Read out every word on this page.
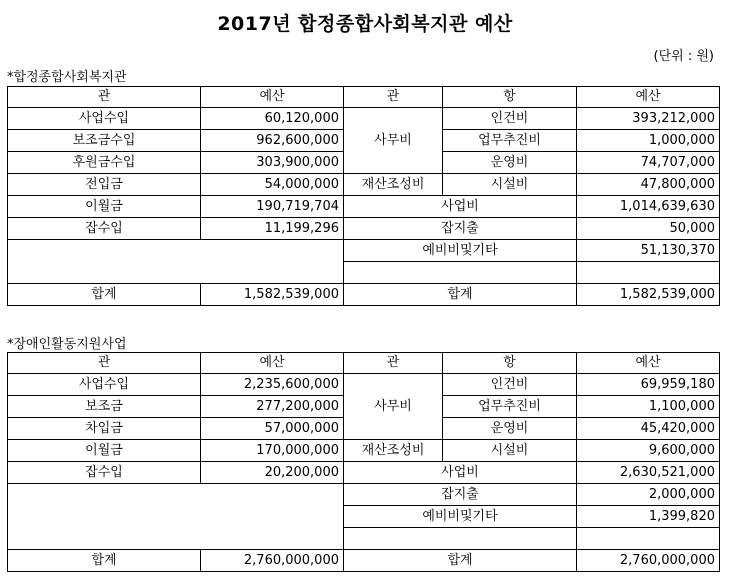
2017년 합정종합사회복지관 예산
(단위 : 원)
*합정종합사회복지관
관	예산	관	항	예산
사업수입	60,120,000	사무비	인건비	393,212,000
보조금수입	962,600,000		업무추진비	1,000,000
후원금수입	303,900,000		운영비	74,707,000
전입금	54,000,000	재산조성비	시설비	47,800,000
이월금	190,719,704	사업비		1,014,639,630
잡수입	11,199,296	잡지출		50,000
		예비비및기타		51,130,370

합계	1,582,539,000	합계		1,582,539,000
*장애인활동지원사업
관	예산	관	항	예산
사업수입	2,235,600,000	사무비	인건비	69,959,180
보조금	277,200,000		업무추진비	1,100,000
차입금	57,000,000		운영비	45,420,000
이월금	170,000,000	재산조성비	시설비	9,600,000
잡수입	20,200,000	사업비		2,630,521,000
		잡지출		2,000,000
		예비비및기타		1,399,820

합계	2,760,000,000	합계		2,760,000,000
